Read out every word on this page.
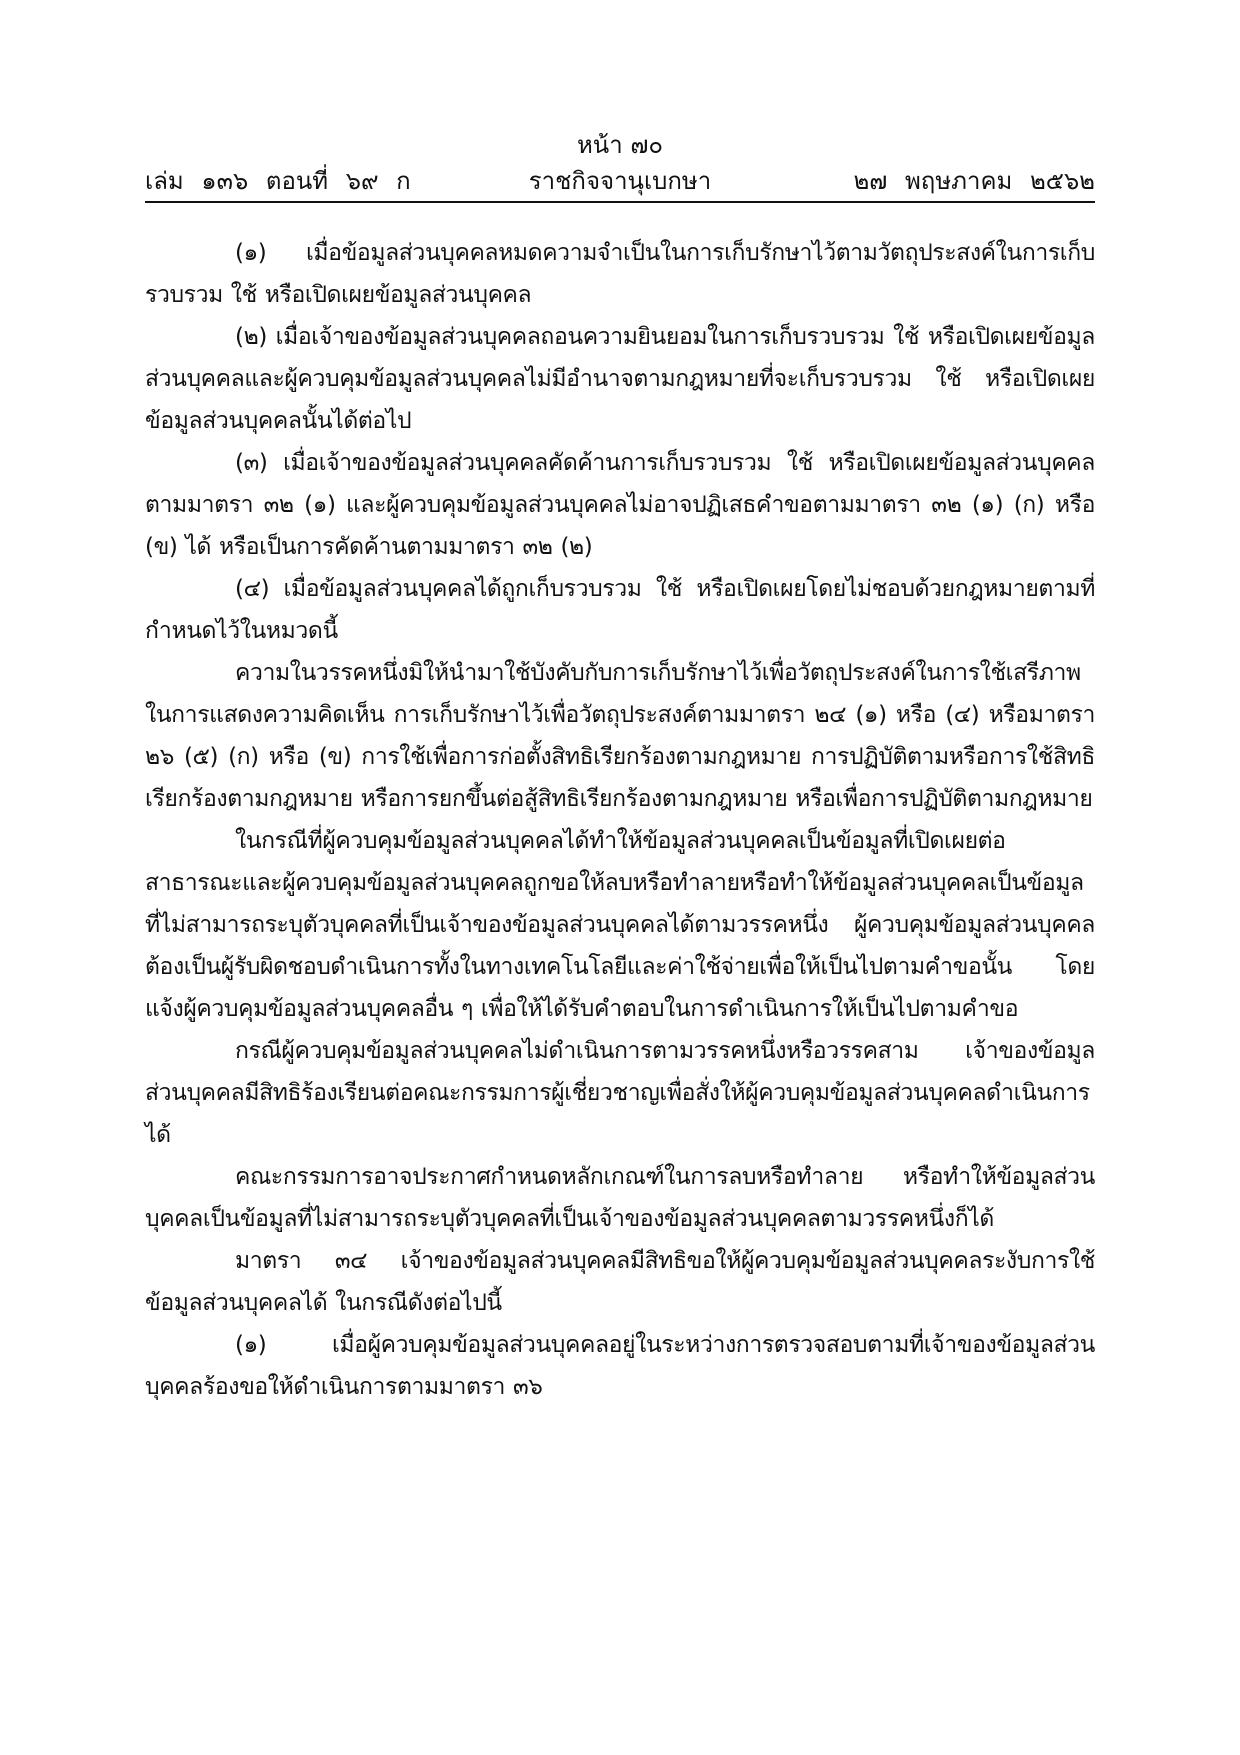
หน้า ๗๐
เล่ม ๑๓๖ ตอนที่ ๖๙ ก	ราชกิจจานุเบกษา	๒๗ พฤษภาคม ๒๕๖๒

(๑) เมื่อข้อมูลส่วนบุคคลหมดความจำเป็นในการเก็บรักษาไว้ตามวัตถุประสงค์ในการเก็บรวบรวม ใช้ หรือเปิดเผยข้อมูลส่วนบุคคล

(๒) เมื่อเจ้าของข้อมูลส่วนบุคคลถอนความยินยอมในการเก็บรวบรวม ใช้ หรือเปิดเผยข้อมูลส่วนบุคคลและผู้ควบคุมข้อมูลส่วนบุคคลไม่มีอำนาจตามกฎหมายที่จะเก็บรวบรวม ใช้ หรือเปิดเผยข้อมูลส่วนบุคคลนั้นได้ต่อไป

(๓) เมื่อเจ้าของข้อมูลส่วนบุคคลคัดค้านการเก็บรวบรวม ใช้ หรือเปิดเผยข้อมูลส่วนบุคคลตามมาตรา ๓๒ (๑) และผู้ควบคุมข้อมูลส่วนบุคคลไม่อาจปฏิเสธคำขอตามมาตรา ๓๒ (๑) (ก) หรือ (ข) ได้ หรือเป็นการคัดค้านตามมาตรา ๓๒ (๒)

(๔) เมื่อข้อมูลส่วนบุคคลได้ถูกเก็บรวบรวม ใช้ หรือเปิดเผยโดยไม่ชอบด้วยกฎหมายตามที่กำหนดไว้ในหมวดนี้

ความในวรรคหนึ่งมิให้นำมาใช้บังคับกับการเก็บรักษาไว้เพื่อวัตถุประสงค์ในการใช้เสรีภาพในการแสดงความคิดเห็น การเก็บรักษาไว้เพื่อวัตถุประสงค์ตามมาตรา ๒๔ (๑) หรือ (๔) หรือมาตรา ๒๖ (๕) (ก) หรือ (ข) การใช้เพื่อการก่อตั้งสิทธิเรียกร้องตามกฎหมาย การปฏิบัติตามหรือการใช้สิทธิเรียกร้องตามกฎหมาย หรือการยกขึ้นต่อสู้สิทธิเรียกร้องตามกฎหมาย หรือเพื่อการปฏิบัติตามกฎหมาย

ในกรณีที่ผู้ควบคุมข้อมูลส่วนบุคคลได้ทำให้ข้อมูลส่วนบุคคลเป็นข้อมูลที่เปิดเผยต่อสาธารณะและผู้ควบคุมข้อมูลส่วนบุคคลถูกขอให้ลบหรือทำลายหรือทำให้ข้อมูลส่วนบุคคลเป็นข้อมูลที่ไม่สามารถระบุตัวบุคคลที่เป็นเจ้าของข้อมูลส่วนบุคคลได้ตามวรรคหนึ่ง ผู้ควบคุมข้อมูลส่วนบุคคลต้องเป็นผู้รับผิดชอบดำเนินการทั้งในทางเทคโนโลยีและค่าใช้จ่ายเพื่อให้เป็นไปตามคำขอนั้น โดยแจ้งผู้ควบคุมข้อมูลส่วนบุคคลอื่น ๆ เพื่อให้ได้รับคำตอบในการดำเนินการให้เป็นไปตามคำขอ

กรณีผู้ควบคุมข้อมูลส่วนบุคคลไม่ดำเนินการตามวรรคหนึ่งหรือวรรคสาม เจ้าของข้อมูลส่วนบุคคลมีสิทธิร้องเรียนต่อคณะกรรมการผู้เชี่ยวชาญเพื่อสั่งให้ผู้ควบคุมข้อมูลส่วนบุคคลดำเนินการได้

คณะกรรมการอาจประกาศกำหนดหลักเกณฑ์ในการลบหรือทำลาย หรือทำให้ข้อมูลส่วนบุคคลเป็นข้อมูลที่ไม่สามารถระบุตัวบุคคลที่เป็นเจ้าของข้อมูลส่วนบุคคลตามวรรคหนึ่งก็ได้

มาตรา ๓๔ เจ้าของข้อมูลส่วนบุคคลมีสิทธิขอให้ผู้ควบคุมข้อมูลส่วนบุคคลระงับการใช้ข้อมูลส่วนบุคคลได้ ในกรณีดังต่อไปนี้

(๑) เมื่อผู้ควบคุมข้อมูลส่วนบุคคลอยู่ในระหว่างการตรวจสอบตามที่เจ้าของข้อมูลส่วนบุคคลร้องขอให้ดำเนินการตามมาตรา ๓๖
